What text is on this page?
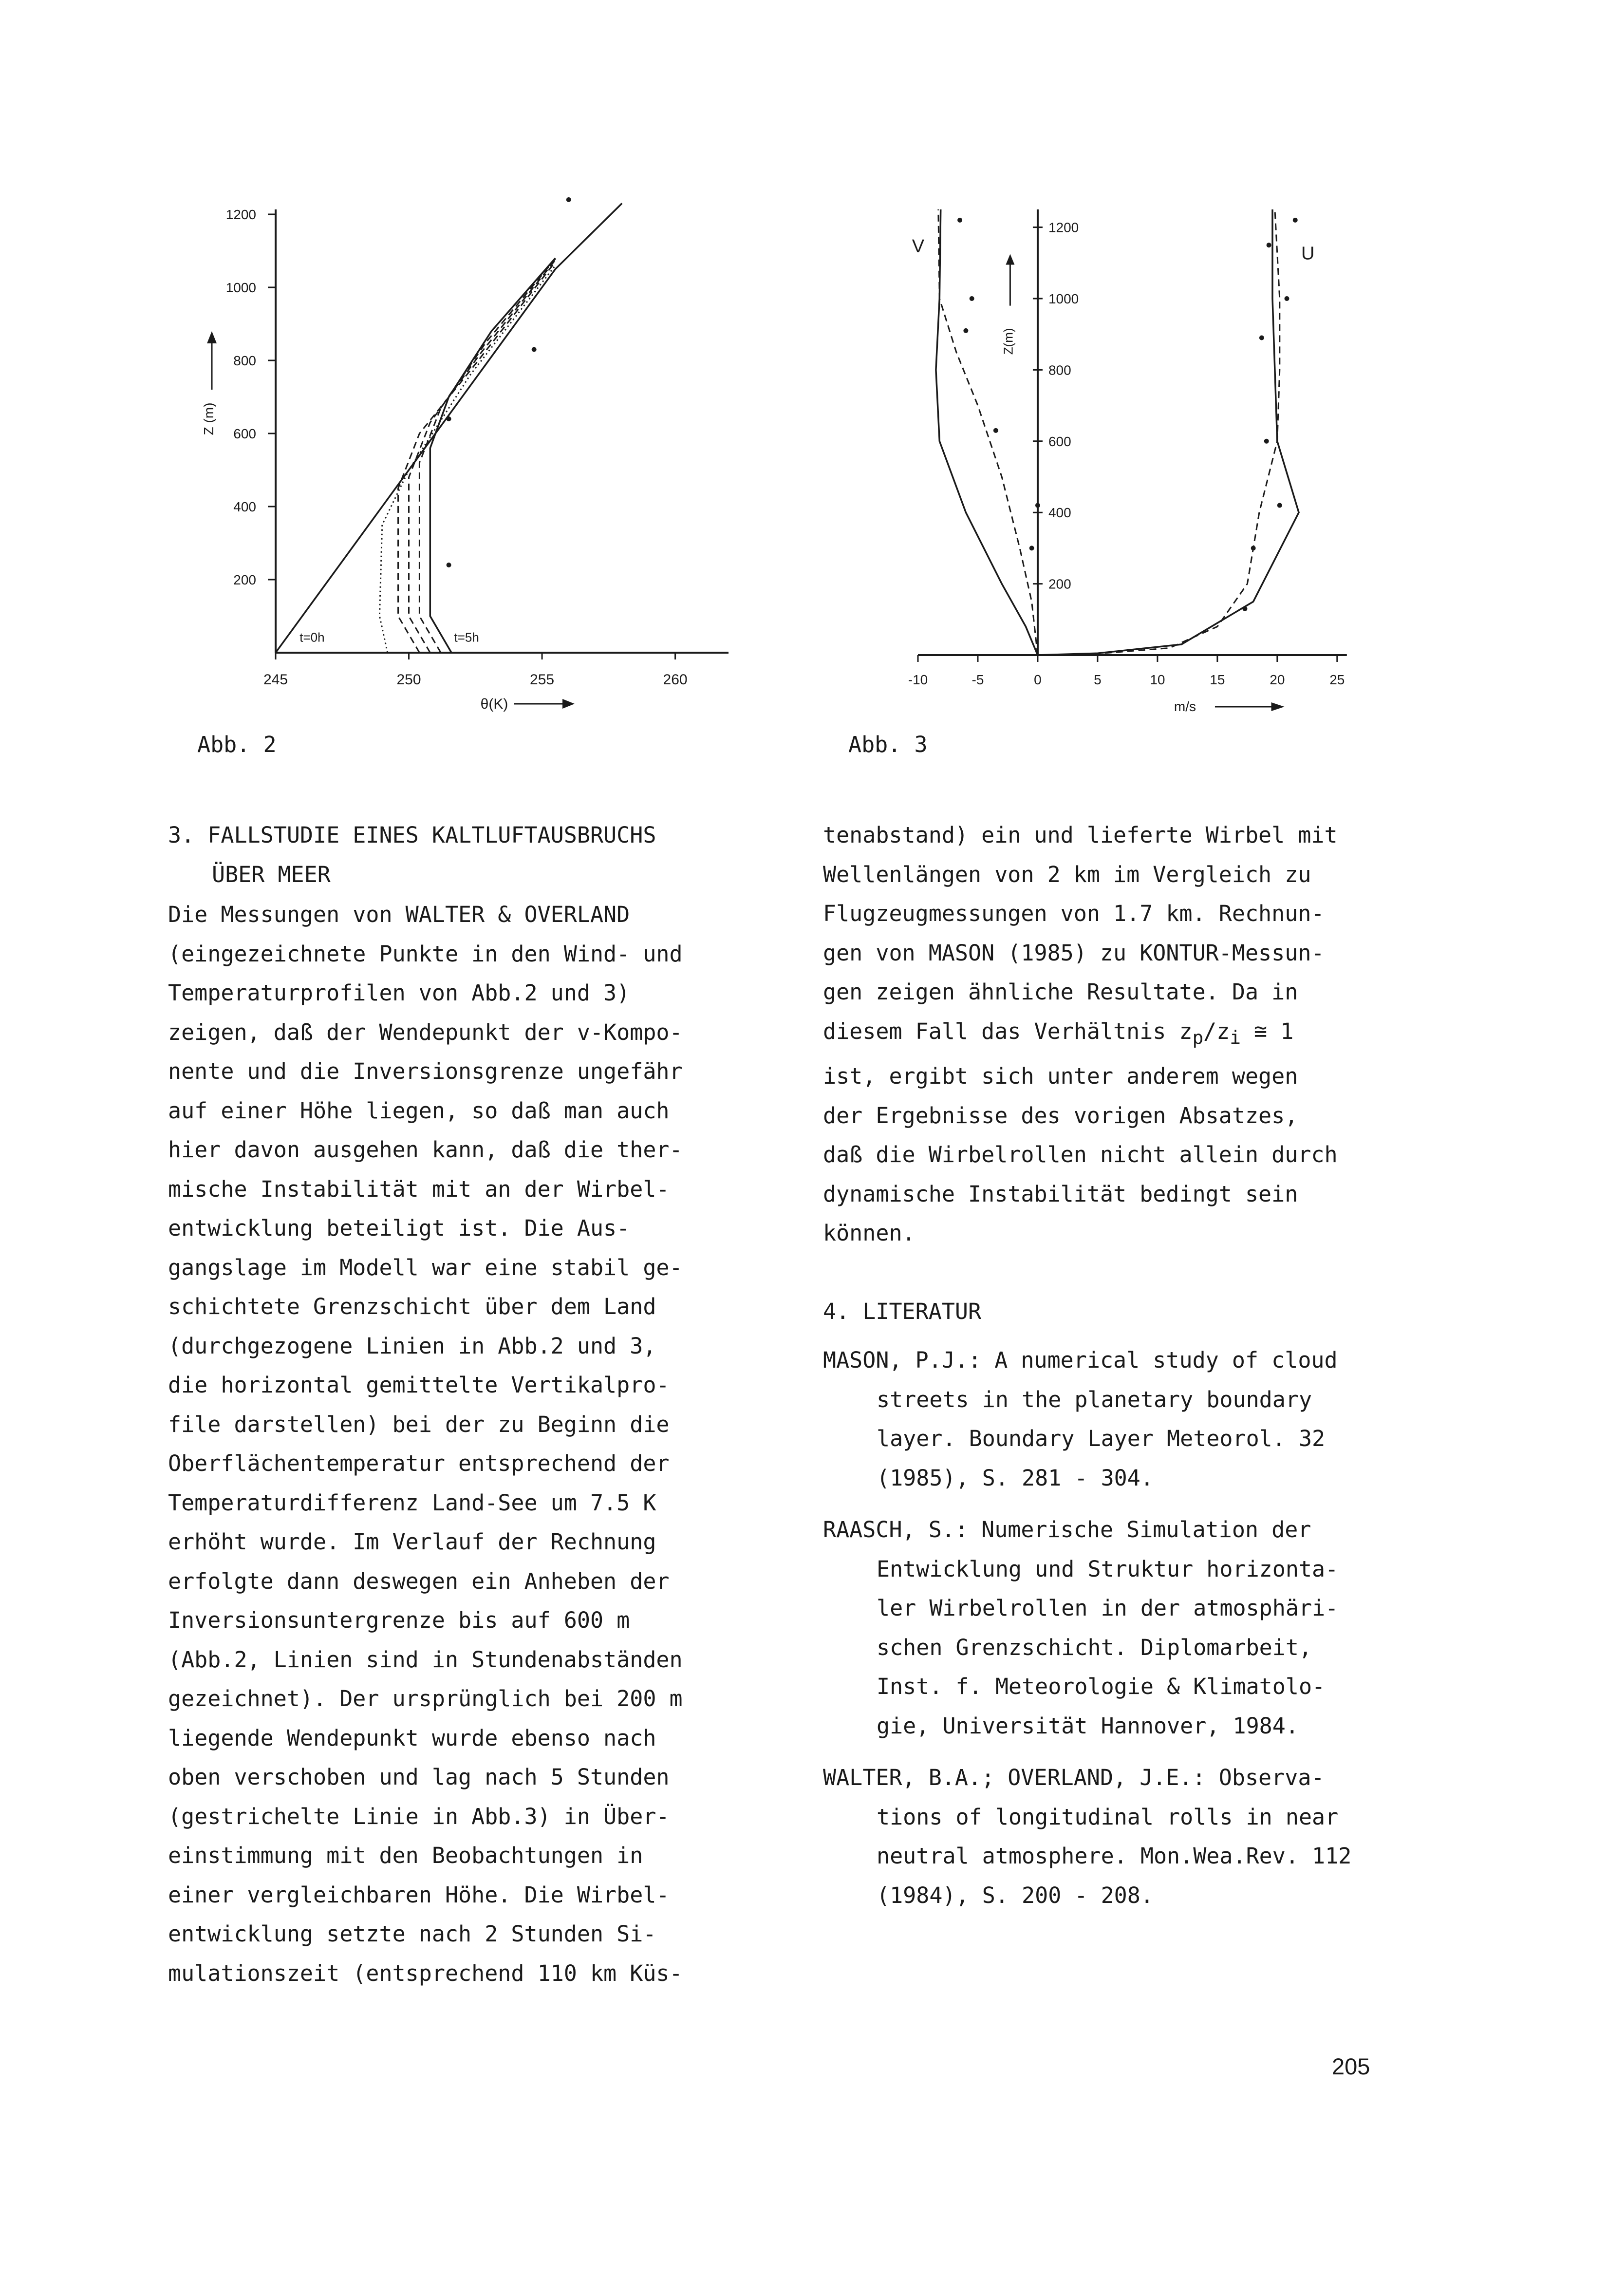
245	250	255	260
200
400
600
800
1000
1200
t=0h	t=5h
Z (m)
θ(K)
Abb. 2
-10	-5	0	5	10	15	20	25
200
400
600
800
1000
1200
V	U
Z(m)
m/s
Abb. 3

3. FALLSTUDIE EINES KALTLUFTAUSBRUCHS

ÜBER MEER

Die Messungen von WALTER & OVERLAND

(eingezeichnete Punkte in den Wind- und

Temperaturprofilen von Abb.2 und 3)

zeigen, daß der Wendepunkt der v-Kompo-

nente und die Inversionsgrenze ungefähr

auf einer Höhe liegen, so daß man auch

hier davon ausgehen kann, daß die ther-

mische Instabilität mit an der Wirbel-

entwicklung beteiligt ist. Die Aus-

gangslage im Modell war eine stabil ge-

schichtete Grenzschicht über dem Land

(durchgezogene Linien in Abb.2 und 3,

die horizontal gemittelte Vertikalpro-

file darstellen) bei der zu Beginn die

Oberflächentemperatur entsprechend der

Temperaturdifferenz Land-See um 7.5 K

erhöht wurde. Im Verlauf der Rechnung

erfolgte dann deswegen ein Anheben der

Inversionsuntergrenze bis auf 600 m

(Abb.2, Linien sind in Stundenabständen

gezeichnet). Der ursprünglich bei 200 m

liegende Wendepunkt wurde ebenso nach

oben verschoben und lag nach 5 Stunden

(gestrichelte Linie in Abb.3) in Über-

einstimmung mit den Beobachtungen in

einer vergleichbaren Höhe. Die Wirbel-

entwicklung setzte nach 2 Stunden Si-

mulationszeit (entsprechend 110 km Küs-

tenabstand) ein und lieferte Wirbel mit

Wellenlängen von 2 km im Vergleich zu

Flugzeugmessungen von 1.7 km. Rechnun-

gen von MASON (1985) zu KONTUR-Messun-

gen zeigen ähnliche Resultate. Da in

diesem Fall das Verhältnis $z_p/z_i$ ≅ 1

ist, ergibt sich unter anderem wegen

der Ergebnisse des vorigen Absatzes,

daß die Wirbelrollen nicht allein durch

dynamische Instabilität bedingt sein

können.

4. LITERATUR

MASON, P.J.: A numerical study of cloud
streets in the planetary boundary
layer. Boundary Layer Meteorol. 32
(1985), S. 281 - 304.
RAASCH, S.: Numerische Simulation der
Entwicklung und Struktur horizonta-
ler Wirbelrollen in der atmosphäri-
schen Grenzschicht. Diplomarbeit,
Inst. f. Meteorologie & Klimatolo-
gie, Universität Hannover, 1984.
WALTER, B.A.; OVERLAND, J.E.: Observa-
tions of longitudinal rolls in near
neutral atmosphere. Mon.Wea.Rev. 112
(1984), S. 200 - 208.
205
